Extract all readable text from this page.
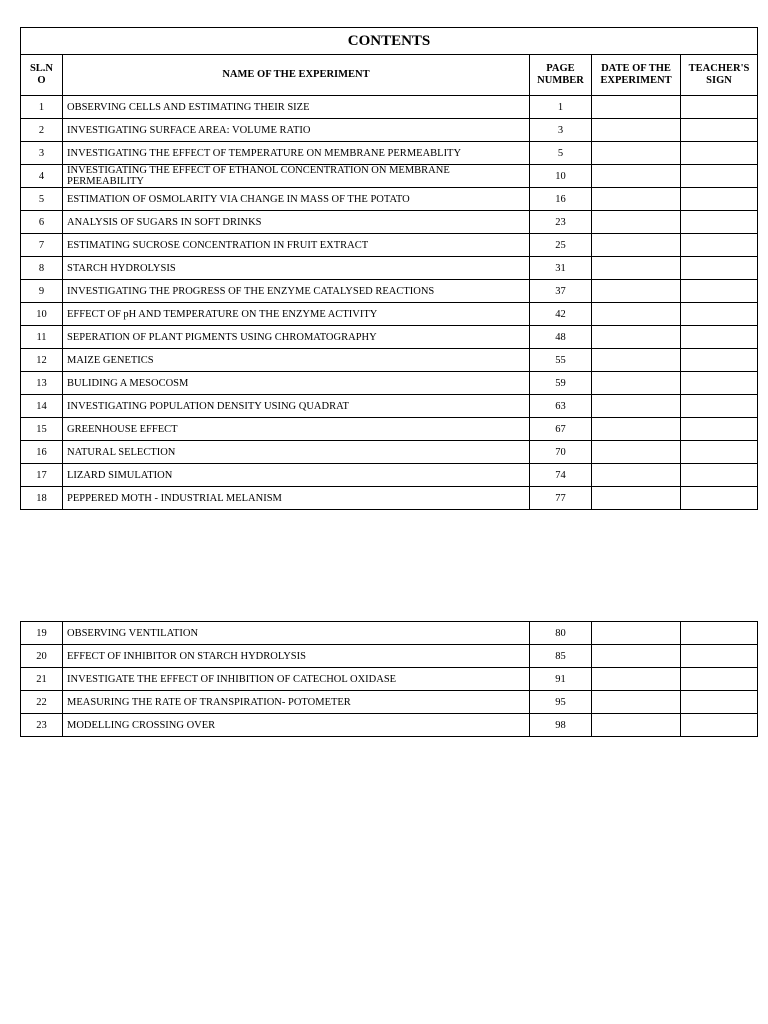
CONTENTS				
SL.N O	NAME OF THE EXPERIMENT	PAGE NUMBER	DATE OF THE EXPERIMENT	TEACHER'S SIGN
1	OBSERVING CELLS AND ESTIMATING THEIR SIZE	1		
2	INVESTIGATING SURFACE AREA: VOLUME RATIO	3		
3	INVESTIGATING THE EFFECT OF TEMPERATURE ON MEMBRANE PERMEABLITY	5		
4	INVESTIGATING THE EFFECT OF ETHANOL CONCENTRATION ON MEMBRANE PERMEABILITY	10		
5	ESTIMATION OF OSMOLARITY VIA CHANGE IN MASS OF THE POTATO	16		
6	ANALYSIS OF SUGARS IN SOFT DRINKS	23		
7	ESTIMATING SUCROSE CONCENTRATION IN FRUIT EXTRACT	25		
8	STARCH HYDROLYSIS	31		
9	INVESTIGATING THE PROGRESS OF THE ENZYME CATALYSED REACTIONS	37		
10	EFFECT OF pH AND TEMPERATURE ON THE ENZYME ACTIVITY	42		
11	SEPERATION OF PLANT PIGMENTS USING CHROMATOGRAPHY	48		
12	MAIZE GENETICS	55		
13	BULIDING A MESOCOSM	59		
14	INVESTIGATING POPULATION DENSITY USING QUADRAT	63		
15	GREENHOUSE EFFECT	67		
16	NATURAL SELECTION	70		
17	LIZARD SIMULATION	74		
18	PEPPERED MOTH - INDUSTRIAL MELANISM	77		
19	OBSERVING VENTILATION	80		
20	EFFECT OF INHIBITOR ON STARCH HYDROLYSIS	85		
21	INVESTIGATE THE EFFECT OF INHIBITION OF CATECHOL OXIDASE	91		
22	MEASURING THE RATE OF TRANSPIRATION- POTOMETER	95		
23	MODELLING CROSSING OVER	98		
